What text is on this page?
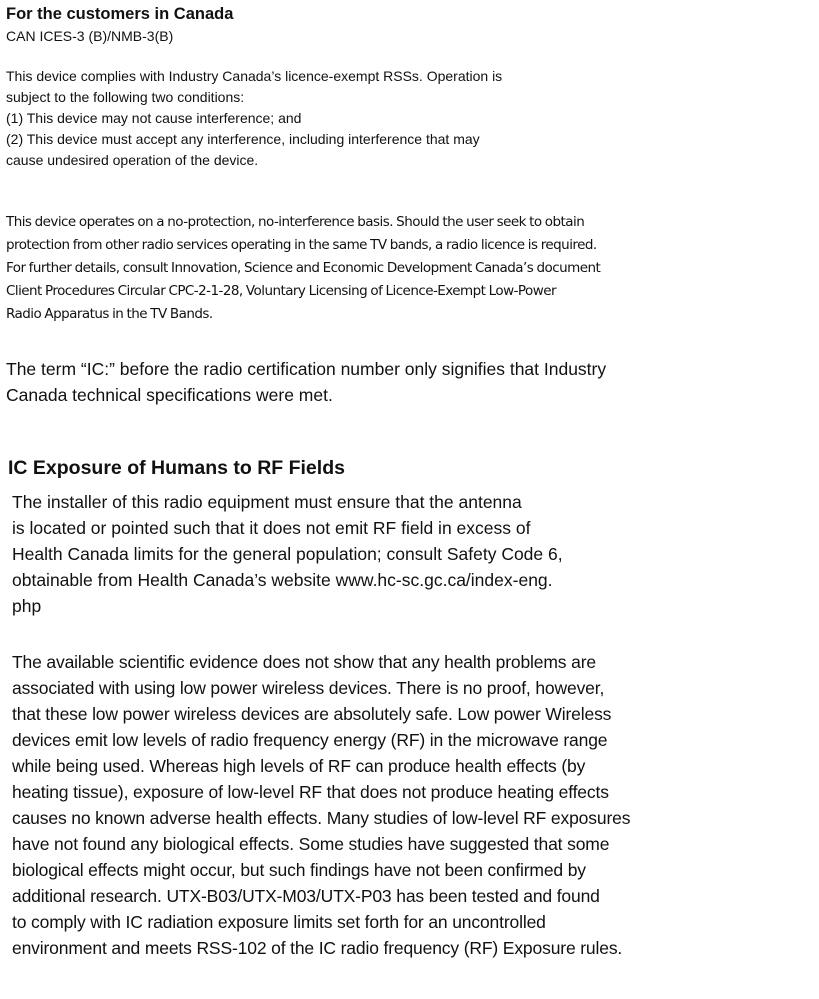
For the customers in Canada
CAN ICES-3 (B)/NMB-3(B)

This device complies with Industry Canada’s licence-exempt RSSs. Operation is
subject to the following two conditions:
(1) This device may not cause interference; and
(2) This device must accept any interference, including interference that may
cause undesired operation of the device.

This device operates on a no-protection, no-interference basis. Should the user seek to obtain
protection from other radio services operating in the same TV bands, a radio licence is required.
For further details, consult Innovation, Science and Economic Development Canada’s document
Client Procedures Circular CPC-2-1-28, Voluntary Licensing of Licence-Exempt Low-Power
Radio Apparatus in the TV Bands.

The term “IC:” before the radio certification number only signifies that Industry
Canada technical specifications were met.

IC Exposure of Humans to RF Fields

The installer of this radio equipment must ensure that the antenna
is located or pointed such that it does not emit RF field in excess of
Health Canada limits for the general population; consult Safety Code 6,
obtainable from Health Canada’s website www.hc-sc.gc.ca/index-eng.
php

The available scientific evidence does not show that any health problems are
associated with using low power wireless devices. There is no proof, however,
that these low power wireless devices are absolutely safe. Low power Wireless
devices emit low levels of radio frequency energy (RF) in the microwave range
while being used. Whereas high levels of RF can produce health effects (by
heating tissue), exposure of low-level RF that does not produce heating effects
causes no known adverse health effects. Many studies of low-level RF exposures
have not found any biological effects. Some studies have suggested that some
biological effects might occur, but such findings have not been confirmed by
additional research. UTX-B03/UTX-M03/UTX-P03 has been tested and found
to comply with IC radiation exposure limits set forth for an uncontrolled
environment and meets RSS-102 of the IC radio frequency (RF) Exposure rules.
